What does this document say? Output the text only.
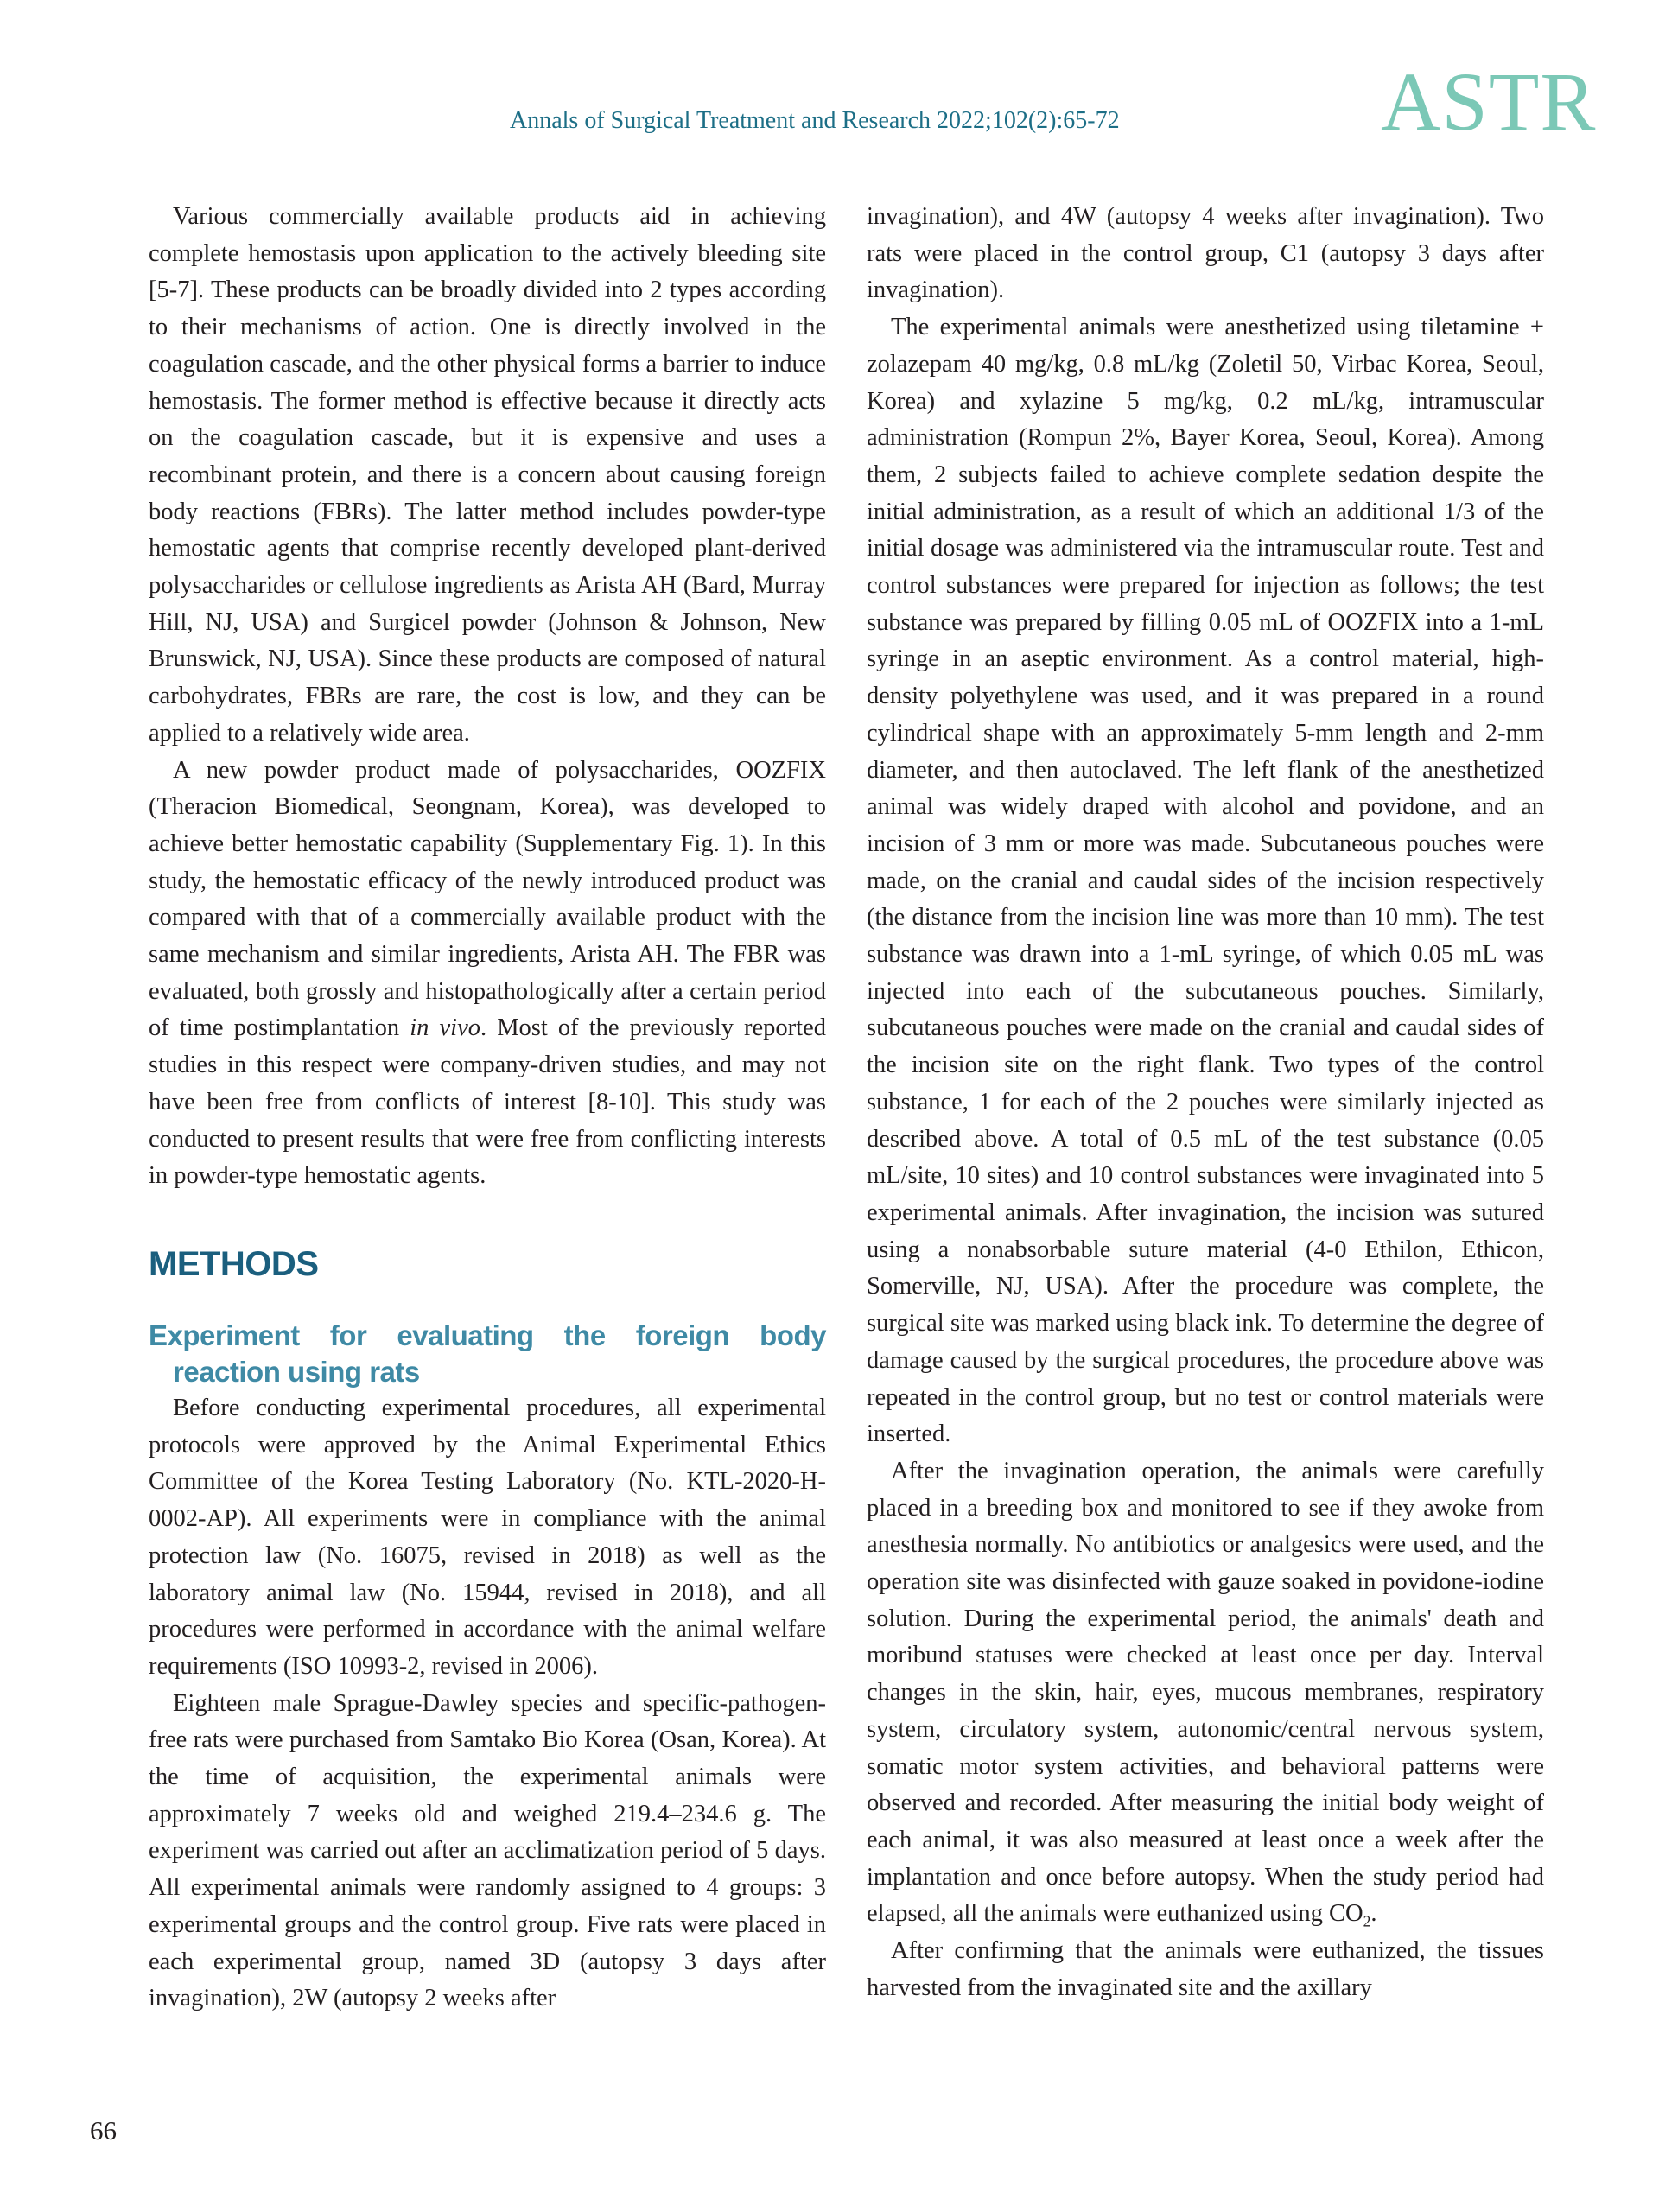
Annals of Surgical Treatment and Research 2022;102(2):65-72	ASTR

Various commercially available products aid in achieving complete hemostasis upon application to the actively bleeding site [5-7]. These products can be broadly divided into 2 types according to their mechanisms of action. One is directly involved in the coagulation cascade, and the other physical forms a barrier to induce hemostasis. The former method is effective because it directly acts on the coagulation cascade, but it is expensive and uses a recombinant protein, and there is a concern about causing foreign body reactions (FBRs). The latter method includes powder-type hemostatic agents that comprise recently developed plant-derived polysaccharides or cellulose ingredients as Arista AH (Bard, Murray Hill, NJ, USA) and Surgicel powder (Johnson & Johnson, New Brunswick, NJ, USA). Since these products are composed of natural carbohydrates, FBRs are rare, the cost is low, and they can be applied to a relatively wide area.

A new powder product made of polysaccharides, OOZFIX (Theracion Biomedical, Seongnam, Korea), was developed to achieve better hemostatic capability (Supplementary Fig. 1). In this study, the hemostatic efficacy of the newly introduced product was compared with that of a commercially available product with the same mechanism and similar ingredients, Arista AH. The FBR was evaluated, both grossly and histopathologically after a certain period of time postimplantation in vivo. Most of the previously reported studies in this respect were company-driven studies, and may not have been free from conflicts of interest [8-10]. This study was conducted to present results that were free from conflicting interests in powder-type hemostatic agents.

METHODS
Experiment for evaluating the foreign body reaction using rats

Before conducting experimental procedures, all experimental protocols were approved by the Animal Experimental Ethics Committee of the Korea Testing Laboratory (No. KTL-2020-H-0002-AP). All experiments were in compliance with the animal protection law (No. 16075, revised in 2018) as well as the laboratory animal law (No. 15944, revised in 2018), and all procedures were performed in accordance with the animal welfare requirements (ISO 10993-2, revised in 2006).

Eighteen male Sprague-Dawley species and specific-pathogen-free rats were purchased from Samtako Bio Korea (Osan, Korea). At the time of acquisition, the experimental animals were approximately 7 weeks old and weighed 219.4–234.6 g. The experiment was carried out after an acclimatization period of 5 days. All experimental animals were randomly assigned to 4 groups: 3 experimental groups and the control group. Five rats were placed in each experimental group, named 3D (autopsy 3 days after invagination), 2W (autopsy 2 weeks after

invagination), and 4W (autopsy 4 weeks after invagination). Two rats were placed in the control group, C1 (autopsy 3 days after invagination).

The experimental animals were anesthetized using tiletamine + zolazepam 40 mg/kg, 0.8 mL/kg (Zoletil 50, Virbac Korea, Seoul, Korea) and xylazine 5 mg/kg, 0.2 mL/kg, intramuscular administration (Rompun 2%, Bayer Korea, Seoul, Korea). Among them, 2 subjects failed to achieve complete sedation despite the initial administration, as a result of which an additional 1/3 of the initial dosage was administered via the intramuscular route. Test and control substances were prepared for injection as follows; the test substance was prepared by filling 0.05 mL of OOZFIX into a 1-mL syringe in an aseptic environment. As a control material, high-density polyethylene was used, and it was prepared in a round cylindrical shape with an approximately 5-mm length and 2-mm diameter, and then autoclaved. The left flank of the anesthetized animal was widely draped with alcohol and povidone, and an incision of 3 mm or more was made. Subcutaneous pouches were made, on the cranial and caudal sides of the incision respectively (the distance from the incision line was more than 10 mm). The test substance was drawn into a 1-mL syringe, of which 0.05 mL was injected into each of the subcutaneous pouches. Similarly, subcutaneous pouches were made on the cranial and caudal sides of the incision site on the right flank. Two types of the control substance, 1 for each of the 2 pouches were similarly injected as described above. A total of 0.5 mL of the test substance (0.05 mL/site, 10 sites) and 10 control substances were invaginated into 5 experimental animals. After invagination, the incision was sutured using a nonabsorbable suture material (4-0 Ethilon, Ethicon, Somerville, NJ, USA). After the procedure was complete, the surgical site was marked using black ink. To determine the degree of damage caused by the surgical procedures, the procedure above was repeated in the control group, but no test or control materials were inserted.

After the invagination operation, the animals were carefully placed in a breeding box and monitored to see if they awoke from anesthesia normally. No antibiotics or analgesics were used, and the operation site was disinfected with gauze soaked in povidone-iodine solution. During the experimental period, the animals' death and moribund statuses were checked at least once per day. Interval changes in the skin, hair, eyes, mucous membranes, respiratory system, circulatory system, autonomic/central nervous system, somatic motor system activities, and behavioral patterns were observed and recorded. After measuring the initial body weight of each animal, it was also measured at least once a week after the implantation and once before autopsy. When the study period had elapsed, all the animals were euthanized using $CO_2$.

After confirming that the animals were euthanized, the tissues harvested from the invaginated site and the axillary

66
